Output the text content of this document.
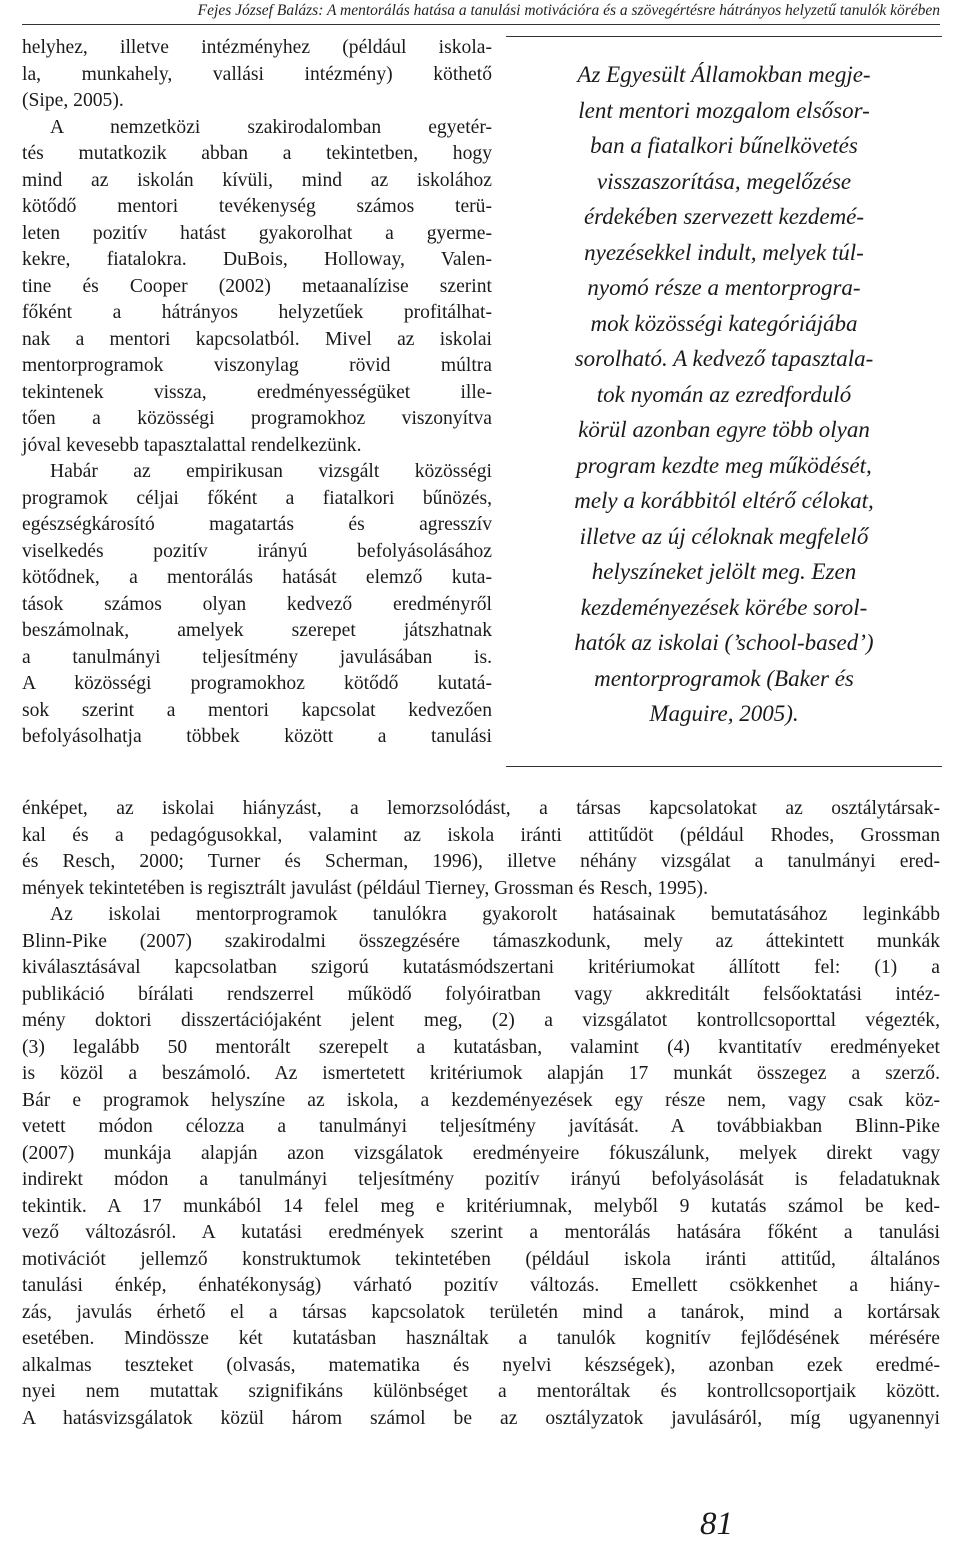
Fejes József Balázs: A mentorálás hatása a tanulási motivációra és a szövegértésre hátrányos helyzetű tanulók körében
helyhez, illetve intézményhez (például iskola-
la, munkahely, vallási intézmény) köthető
(Sipe, 2005).
A nemzetközi szakirodalomban egyetér-
tés mutatkozik abban a tekintetben, hogy
mind az iskolán kívüli, mind az iskolához
kötődő mentori tevékenység számos terü-
leten pozitív hatást gyakorolhat a gyerme-
kekre, fiatalokra. DuBois, Holloway, Valen-
tine és Cooper (2002) metaanalízise szerint
főként a hátrányos helyzetűek profitálhat-
nak a mentori kapcsolatból. Mivel az iskolai
mentorprogramok viszonylag rövid múltra
tekintenek vissza, eredményességüket ille-
tően a közösségi programokhoz viszonyítva
jóval kevesebb tapasztalattal rendelkezünk.
Habár az empirikusan vizsgált közösségi
programok céljai főként a fiatalkori bűnözés,
egészségkárosító magatartás és agresszív
viselkedés pozitív irányú befolyásolásához
kötődnek, a mentorálás hatását elemző kuta-
tások számos olyan kedvező eredményről
beszámolnak, amelyek szerepet játszhatnak
a tanulmányi teljesítmény javulásában is.
A közösségi programokhoz kötődő kutatá-
sok szerint a mentori kapcsolat kedvezően
befolyásolhatja többek között a tanulási
Az Egyesült Államokban megje-
lent mentori mozgalom elsősor-
ban a fiatalkori bűnelkövetés
visszaszorítása, megelőzése
érdekében szervezett kezdemé-
nyezésekkel indult, melyek túl-
nyomó része a mentorprogra-
mok közösségi kategóriájába
sorolható. A kedvező tapasztala-
tok nyomán az ezredforduló
körül azonban egyre több olyan
program kezdte meg működését,
mely a korábbitól eltérő célokat,
illetve az új céloknak megfelelő
helyszíneket jelölt meg. Ezen
kezdeményezések körébe sorol-
hatók az iskolai (’school-based’)
mentorprogramok (Baker és
Maguire, 2005).
énképet, az iskolai hiányzást, a lemorzsolódást, a társas kapcsolatokat az osztálytársak-
kal és a pedagógusokkal, valamint az iskola iránti attitűdöt (például Rhodes, Grossman
és Resch, 2000; Turner és Scherman, 1996), illetve néhány vizsgálat a tanulmányi ered-
mények tekintetében is regisztrált javulást (például Tierney, Grossman és Resch, 1995).
Az iskolai mentorprogramok tanulókra gyakorolt hatásainak bemutatásához leginkább
Blinn-Pike (2007) szakirodalmi összegzésére támaszkodunk, mely az áttekintett munkák
kiválasztásával kapcsolatban szigorú kutatásmódszertani kritériumokat állított fel: (1) a
publikáció bírálati rendszerrel működő folyóiratban vagy akkreditált felsőoktatási intéz-
mény doktori disszertációjaként jelent meg, (2) a vizsgálatot kontrollcsoporttal végezték,
(3) legalább 50 mentorált szerepelt a kutatásban, valamint (4) kvantitatív eredményeket
is közöl a beszámoló. Az ismertetett kritériumok alapján 17 munkát összegez a szerző.
Bár e programok helyszíne az iskola, a kezdeményezések egy része nem, vagy csak köz-
vetett módon célozza a tanulmányi teljesítmény javítását. A továbbiakban Blinn-Pike
(2007) munkája alapján azon vizsgálatok eredményeire fókuszálunk, melyek direkt vagy
indirekt módon a tanulmányi teljesítmény pozitív irányú befolyásolását is feladatuknak
tekintik. A 17 munkából 14 felel meg e kritériumnak, melyből 9 kutatás számol be ked-
vező változásról. A kutatási eredmények szerint a mentorálás hatására főként a tanulási
motivációt jellemző konstruktumok tekintetében (például iskola iránti attitűd, általános
tanulási énkép, énhatékonyság) várható pozitív változás. Emellett csökkenhet a hiány-
zás, javulás érhető el a társas kapcsolatok területén mind a tanárok, mind a kortársak
esetében. Mindössze két kutatásban használtak a tanulók kognitív fejlődésének mérésére
alkalmas teszteket (olvasás, matematika és nyelvi készségek), azonban ezek eredmé-
nyei nem mutattak szignifikáns különbséget a mentoráltak és kontrollcsoportjaik között.
A hatásvizsgálatok közül három számol be az osztályzatok javulásáról, míg ugyanennyi
81
